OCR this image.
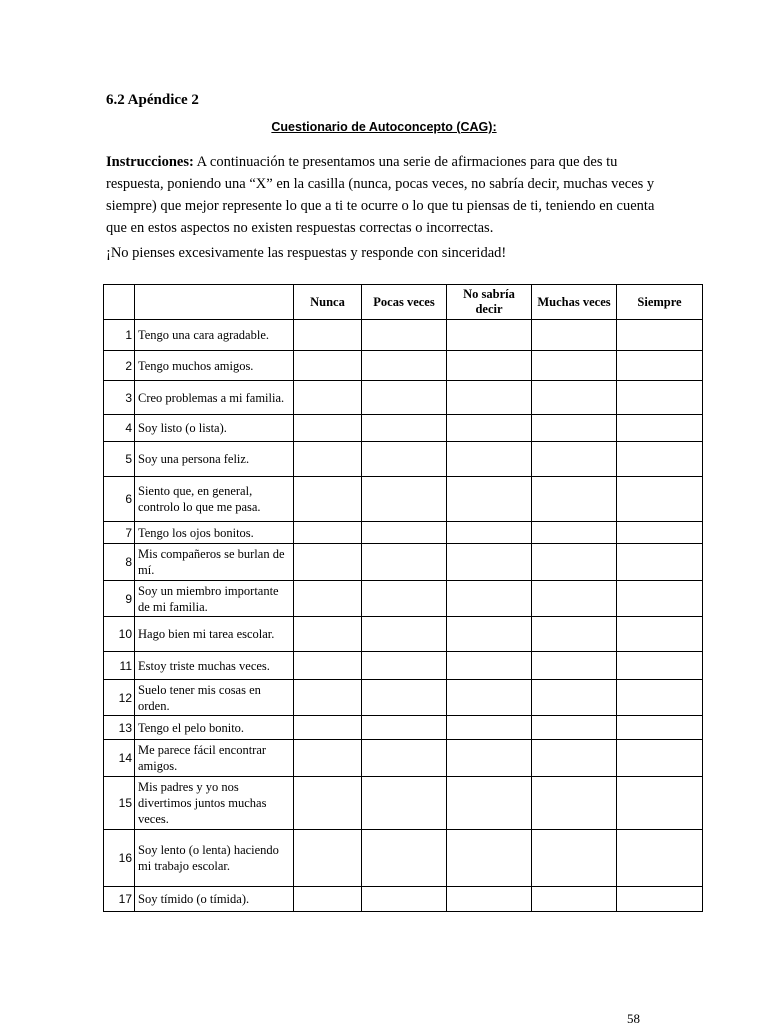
6.2 Apéndice 2
Cuestionario de Autoconcepto (CAG):

Instrucciones: A continuación te presentamos una serie de afirmaciones para que des tu respuesta, poniendo una “X” en la casilla (nunca, pocas veces, no sabría decir, muchas veces y siempre) que mejor represente lo que a ti te ocurre o lo que tu piensas de ti, teniendo en cuenta que en estos aspectos no existen respuestas correctas o incorrectas.

¡No pienses excesivamente las respuestas y responde con sinceridad!

		Nunca	Pocas veces	No sabría decir	Muchas veces	Siempre
1	Tengo una cara agradable.					
2	Tengo muchos amigos.					
3	Creo problemas a mi familia.					
4	Soy listo (o lista).					
5	Soy una persona feliz.					
6	Siento que, en general, controlo lo que me pasa.					
7	Tengo los ojos bonitos.					
8	Mis compañeros se burlan de mí.					
9	Soy un miembro importante de mi familia.					
10	Hago bien mi tarea escolar.					
11	Estoy triste muchas veces.					
12	Suelo tener mis cosas en orden.					
13	Tengo el pelo bonito.					
14	Me parece fácil encontrar amigos.					
15	Mis padres y yo nos divertimos juntos muchas veces.					
16	Soy lento (o lenta) haciendo mi trabajo escolar.					
17	Soy tímido (o tímida).					
58
